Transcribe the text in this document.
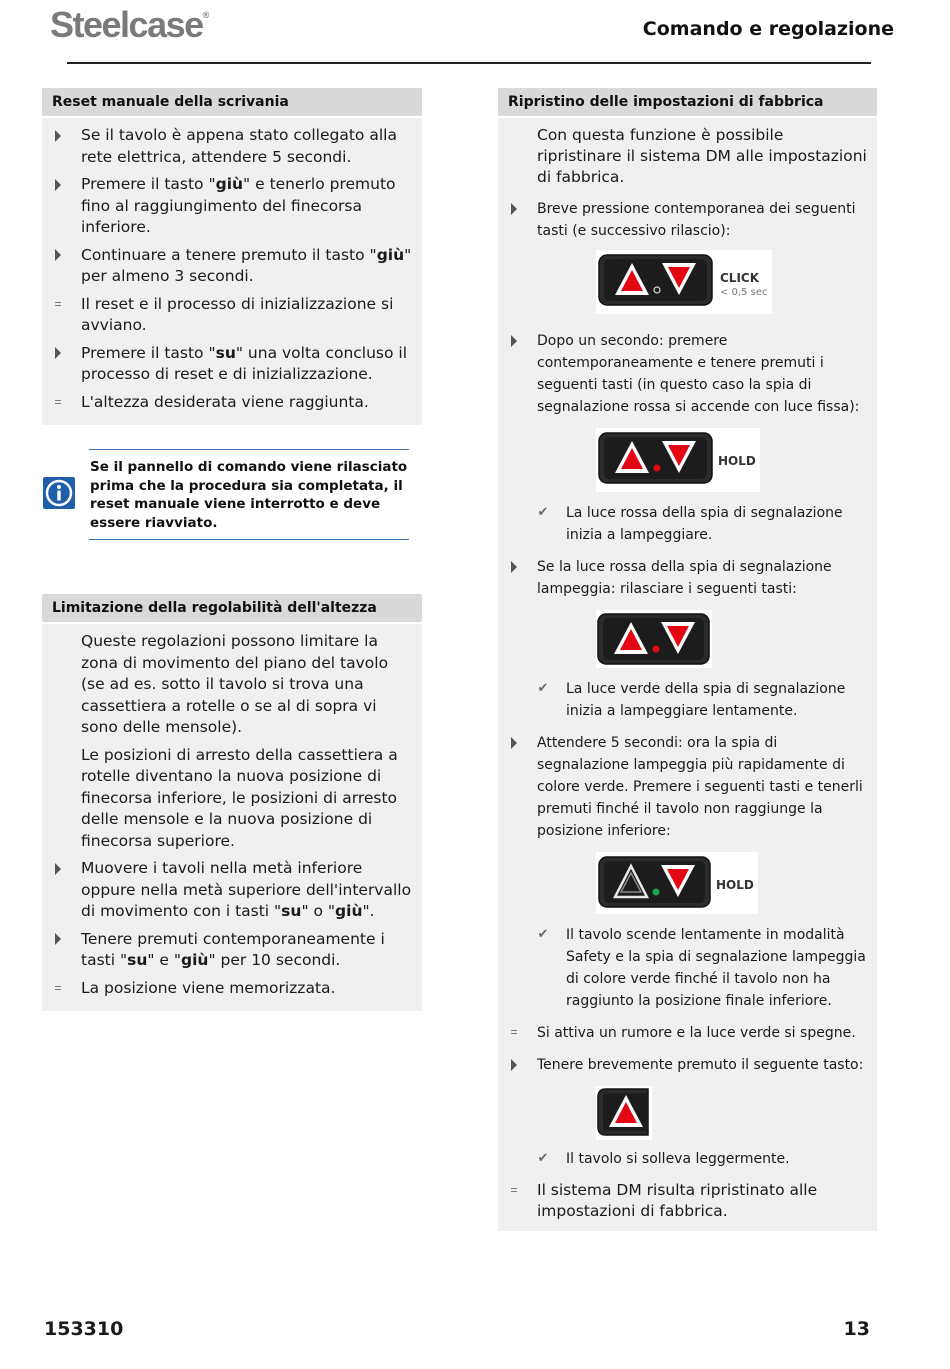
Steelcase®
Comando e regolazione
Reset manuale della scrivania
Se il tavolo è appena stato collegato alla rete elettrica, attendere 5 secondi.
Premere il tasto "giù" e tenerlo premuto fino al raggiungimento del finecorsa inferiore.
Continuare a tenere premuto il tasto "giù" per almeno 3 secondi.
= Il reset e il processo di inizializzazione si avviano.
Premere il tasto "su" una volta concluso il processo di reset e di inizializzazione.
= L'altezza desiderata viene raggiunta.
Se il pannello di comando viene rilasciato prima che la procedura sia completata, il reset manuale viene interrotto e deve essere riavviato.
Limitazione della regolabilità dell'altezza
Queste regolazioni possono limitare la zona di movimento del piano del tavolo (se ad es. sotto il tavolo si trova una cassettiera a rotelle o se al di sopra vi sono delle mensole).
Le posizioni di arresto della cassettiera a rotelle diventano la nuova posizione di finecorsa inferiore, le posizioni di arresto delle mensole e la nuova posizione di finecorsa superiore.
Muovere i tavoli nella metà inferiore oppure nella metà superiore dell'intervallo di movimento con i tasti "su" o "giù".
Tenere premuti contemporaneamente i tasti "su" e "giù" per 10 secondi.
= La posizione viene memorizzata.
Ripristino delle impostazioni di fabbrica
Con questa funzione è possibile ripristinare il sistema DM alle impostazioni di fabbrica.
Breve pressione contemporanea dei seguenti tasti (e successivo rilascio):
CLICK
< 0,5 sec
Dopo un secondo: premere contemporaneamente e tenere premuti i seguenti tasti (in questo caso la spia di segnalazione rossa si accende con luce fissa):
HOLD
✔ La luce rossa della spia di segnalazione inizia a lampeggiare.
Se la luce rossa della spia di segnalazione lampeggia: rilasciare i seguenti tasti:
✔ La luce verde della spia di segnalazione inizia a lampeggiare lentamente.
Attendere 5 secondi: ora la spia di segnalazione lampeggia più rapidamente di colore verde. Premere i seguenti tasti e tenerli premuti finché il tavolo non raggiunge la posizione inferiore:
HOLD
✔ Il tavolo scende lentamente in modalità Safety e la spia di segnalazione lampeggia di colore verde finché il tavolo non ha raggiunto la posizione finale inferiore.
= Si attiva un rumore e la luce verde si spegne.
Tenere brevemente premuto il seguente tasto:
✔ Il tavolo si solleva leggermente.
= Il sistema DM risulta ripristinato alle impostazioni di fabbrica.
153310	13
